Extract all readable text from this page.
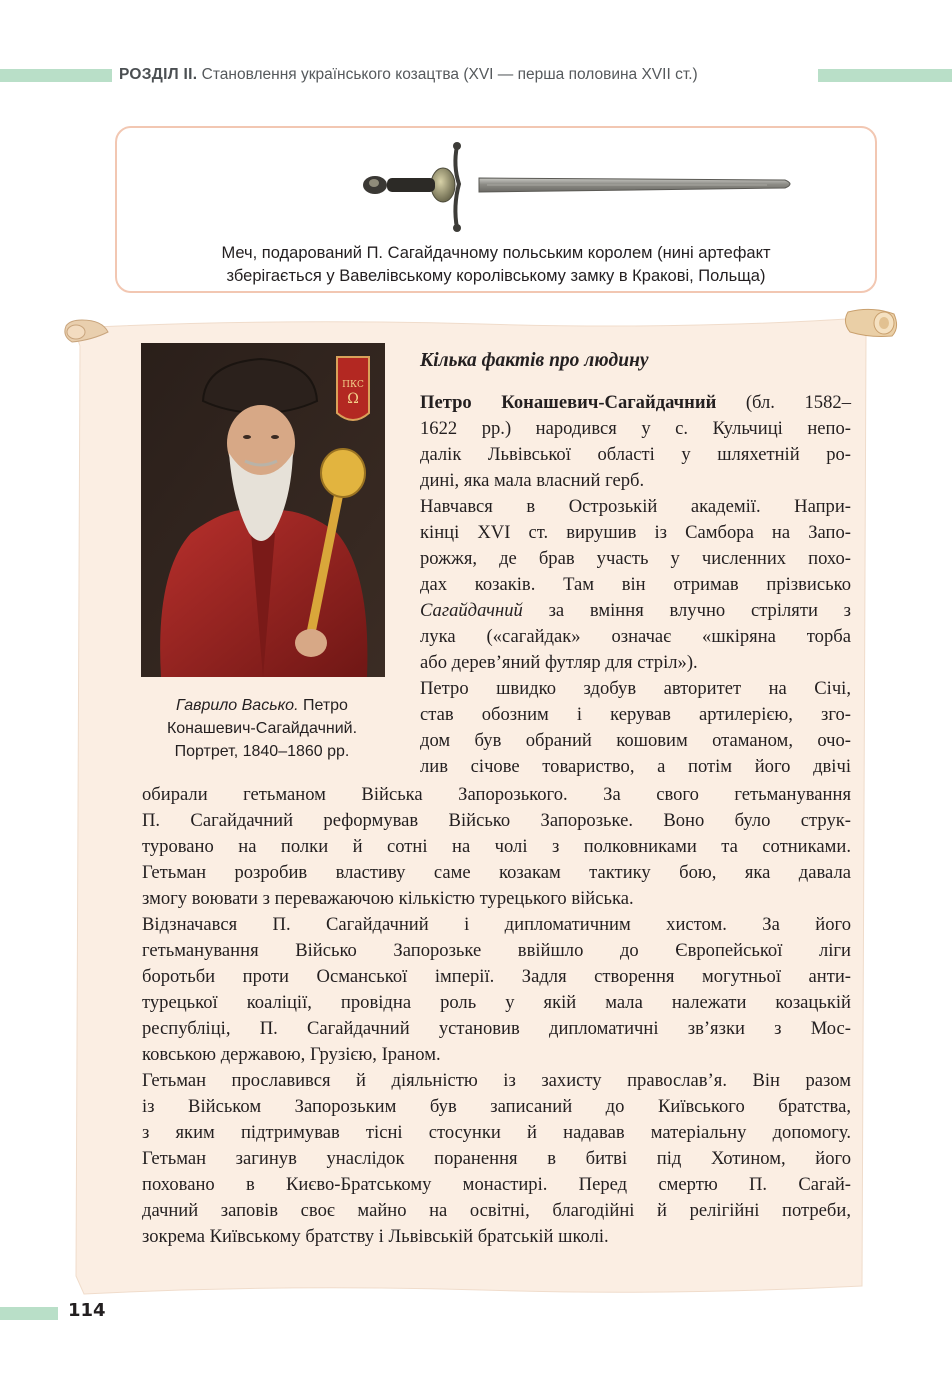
РОЗДІЛ II. Становлення українського козацтва (XVI — перша половина XVII ст.)
Меч, подарований П. Сагайдачному польським королем (нині артефакт
зберігається у Вавелівському королівському замку в Кракові, Польща)
ПКС
Ω
Гаврило Васько. Петро
Конашевич-Сагайдачний.
Портрет, 1840–1860 рр.
Кілька фактів про людину
Петро Конашевич-Сагайдачний (бл. 1582–
1622 рр.) народився у с. Кульчиці непо-
далік Львівської області у шляхетній ро-
дині, яка мала власний герб.
Навчався в Острозькій академії. Напри-
кінці XVI ст. вирушив із Самбора на Запо-
рожжя, де брав участь у численних похо-
дах козаків. Там він отримав прізвисько
Сагайдачний за вміння влучно стріляти з
лука («сагайдак» означає «шкіряна торба
або дерев’яний футляр для стріл»).
Петро швидко здобув авторитет на Січі,
став обозним і керував артилерією, зго-
дом був обраний кошовим отаманом, очо-
лив січове товариство, а потім його двічі
обирали гетьманом Війська Запорозького. За свого гетьманування
П. Сагайдачний реформував Військо Запорозьке. Воно було струк-
туровано на полки й сотні на чолі з полковниками та сотниками.
Гетьман розробив властиву саме козакам тактику бою, яка давала
змогу воювати з переважаючою кількістю турецького війська.
Відзначався П. Сагайдачний і дипломатичним хистом. За його
гетьманування Військо Запорозьке ввійшло до Європейської ліги
боротьби проти Османської імперії. Задля створення могутньої анти-
турецької коаліції, провідна роль у якій мала належати козацькій
республіці, П. Сагайдачний установив дипломатичні зв’язки з Мос-
ковською державою, Грузією, Іраном.
Гетьман прославився й діяльністю із захисту православ’я. Він разом
із Військом Запорозьким був записаний до Київського братства,
з яким підтримував тісні стосунки й надавав матеріальну допомогу.
Гетьман загинув унаслідок поранення в битві під Хотином, його
поховано в Києво-Братському монастирі. Перед смертю П. Сагай-
дачний заповів своє майно на освітні, благодійні й релігійні потреби,
зокрема Київському братству і Львівській братській школі.
114
